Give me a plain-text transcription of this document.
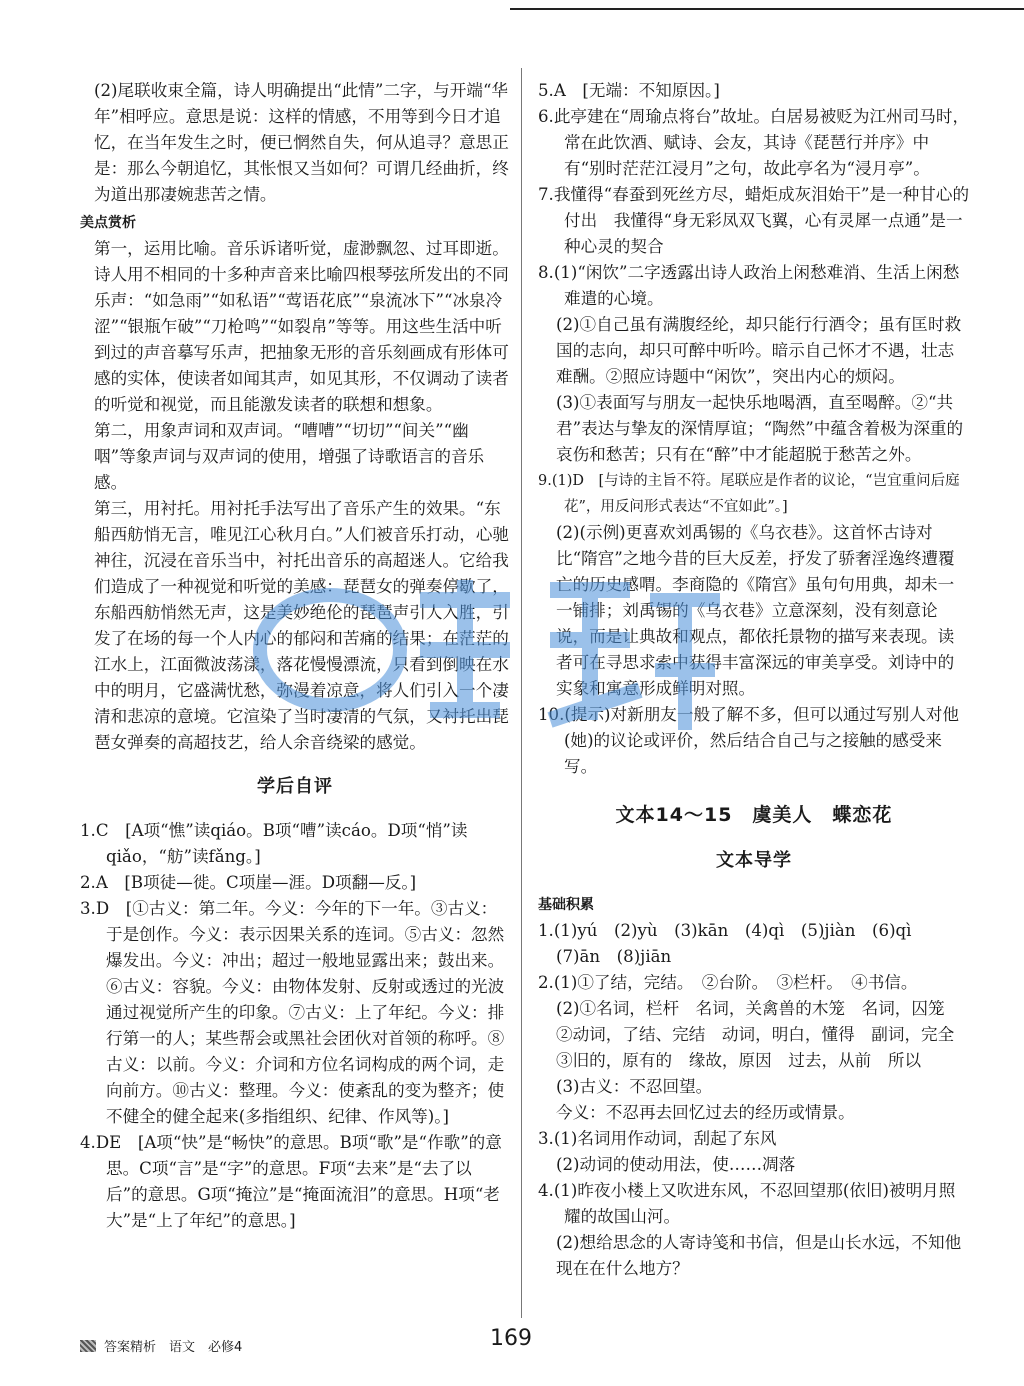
(2)尾联收束全篇，诗人明确提出“此情”二字，与开端“华年”相呼应。意思是说：这样的情感，不用等到今日才追忆，在当年发生之时，便已惘然自失，何从追寻？意思正是：那么今朝追忆，其怅恨又当如何？可谓几经曲折，终为道出那凄婉悲苦之情。

美点赏析

第一，运用比喻。音乐诉诸听觉，虚渺飘忽、过耳即逝。诗人用不相同的十多种声音来比喻四根琴弦所发出的不同乐声：“如急雨”“如私语”“莺语花底”“泉流冰下”“冰泉冷涩”“银瓶乍破”“刀枪鸣”“如裂帛”等等。用这些生活中听到过的声音摹写乐声，把抽象无形的音乐刻画成有形体可感的实体，使读者如闻其声，如见其形，不仅调动了读者的听觉和视觉，而且能激发读者的联想和想象。

第二，用象声词和双声词。“嘈嘈”“切切”“间关”“幽咽”等象声词与双声词的使用，增强了诗歌语言的音乐感。

第三，用衬托。用衬托手法写出了音乐产生的效果。“东船西舫悄无言，唯见江心秋月白。”人们被音乐打动，心驰神往，沉浸在音乐当中，衬托出音乐的高超迷人。它给我们造成了一种视觉和听觉的美感：琵琶女的弹奏停歇了，东船西舫悄然无声，这是美妙绝伦的琵琶声引人入胜，引发了在场的每一个人内心的郁闷和苦痛的结果；在茫茫的江水上，江面微波荡漾，落花慢慢漂流，只看到倒映在水中的明月，它盛满忧愁，弥漫着凉意，将人们引入一个凄清和悲凉的意境。它渲染了当时凄清的气氛，又衬托出琵琶女弹奏的高超技艺，给人余音绕梁的感觉。

学后自评

1.C　[A项“憔”读qiáo。B项“嘈”读cáo。D项“悄”读qiǎo，“舫”读fǎng。]

2.A　[B项徒—徙。C项崖—涯。D项翻—反。]

3.D　[①古义：第二年。今义：今年的下一年。③古义：于是创作。今义：表示因果关系的连词。⑤古义：忽然爆发出。今义：冲出；超过一般地显露出来；鼓出来。⑥古义：容貌。今义：由物体发射、反射或透过的光波通过视觉所产生的印象。⑦古义：上了年纪。今义：排行第一的人；某些帮会或黑社会团伙对首领的称呼。⑧古义：以前。今义：介词和方位名词构成的两个词，走向前方。⑩古义：整理。今义：使紊乱的变为整齐；使不健全的健全起来(多指组织、纪律、作风等)。]

4.DE　[A项“快”是“畅快”的意思。B项“歌”是“作歌”的意思。C项“言”是“字”的意思。F项“去来”是“去了以后”的意思。G项“掩泣”是“掩面流泪”的意思。H项“老大”是“上了年纪”的意思。]

5.A　[无端：不知原因。]

6.此亭建在“周瑜点将台”故址。白居易被贬为江州司马时，常在此饮酒、赋诗、会友，其诗《琵琶行并序》中有“别时茫茫江浸月”之句，故此亭名为“浸月亭”。

7.我懂得“春蚕到死丝方尽，蜡炬成灰泪始干”是一种甘心的付出　我懂得“身无彩凤双飞翼，心有灵犀一点通”是一种心灵的契合

8.(1)“闲饮”二字透露出诗人政治上闲愁难消、生活上闲愁难遣的心境。

(2)①自己虽有满腹经纶，却只能行行酒令；虽有匡时救国的志向，却只可醉中听吟。暗示自己怀才不遇，壮志难酬。②照应诗题中“闲饮”，突出内心的烦闷。

(3)①表面写与朋友一起快乐地喝酒，直至喝醉。②“共君”表达与挚友的深情厚谊；“陶然”中蕴含着极为深重的哀伤和愁苦；只有在“醉”中才能超脱于愁苦之外。

9.(1)D　[与诗的主旨不符。尾联应是作者的议论，“岂宜重问后庭花”，用反问形式表达“不宜如此”。]

(2)(示例)更喜欢刘禹锡的《乌衣巷》。这首怀古诗对比“隋宫”之地今昔的巨大反差，抒发了骄奢淫逸终遭覆亡的历史感喟。李商隐的《隋宫》虽句句用典，却未一一铺排；刘禹锡的《乌衣巷》立意深刻，没有刻意论说，而是让典故和观点，都依托景物的描写来表现。读者可在寻思求索中获得丰富深远的审美享受。刘诗中的实象和寓意形成鲜明对照。

10.(提示)对新朋友一般了解不多，但可以通过写别人对他(她)的议论或评价，然后结合自己与之接触的感受来写。

文本14～15　虞美人　蝶恋花

文本导学

基础积累

1.(1)yú　(2)yù　(3)kān　(4)qì　(5)jiàn　(6)qì

(7)ān　(8)jiān

2.(1)①了结，完结。　②台阶。　③栏杆。　④书信。

(2)①名词，栏杆　名词，关禽兽的木笼　名词，囚笼

②动词，了结、完结　动词，明白，懂得　副词，完全

③旧的，原有的　缘故，原因　过去，从前　所以

(3)古义：不忍回望。

今义：不忍再去回忆过去的经历或情景。

3.(1)名词用作动词，刮起了东风

(2)动词的使动用法，使……凋落

4.(1)昨夜小楼上又吹进东风，不忍回望那(依旧)被明月照耀的故国山河。

(2)想给思念的人寄诗笺和书信，但是山长水远，不知他现在在什么地方？

答案精析　语文　必修4	169
